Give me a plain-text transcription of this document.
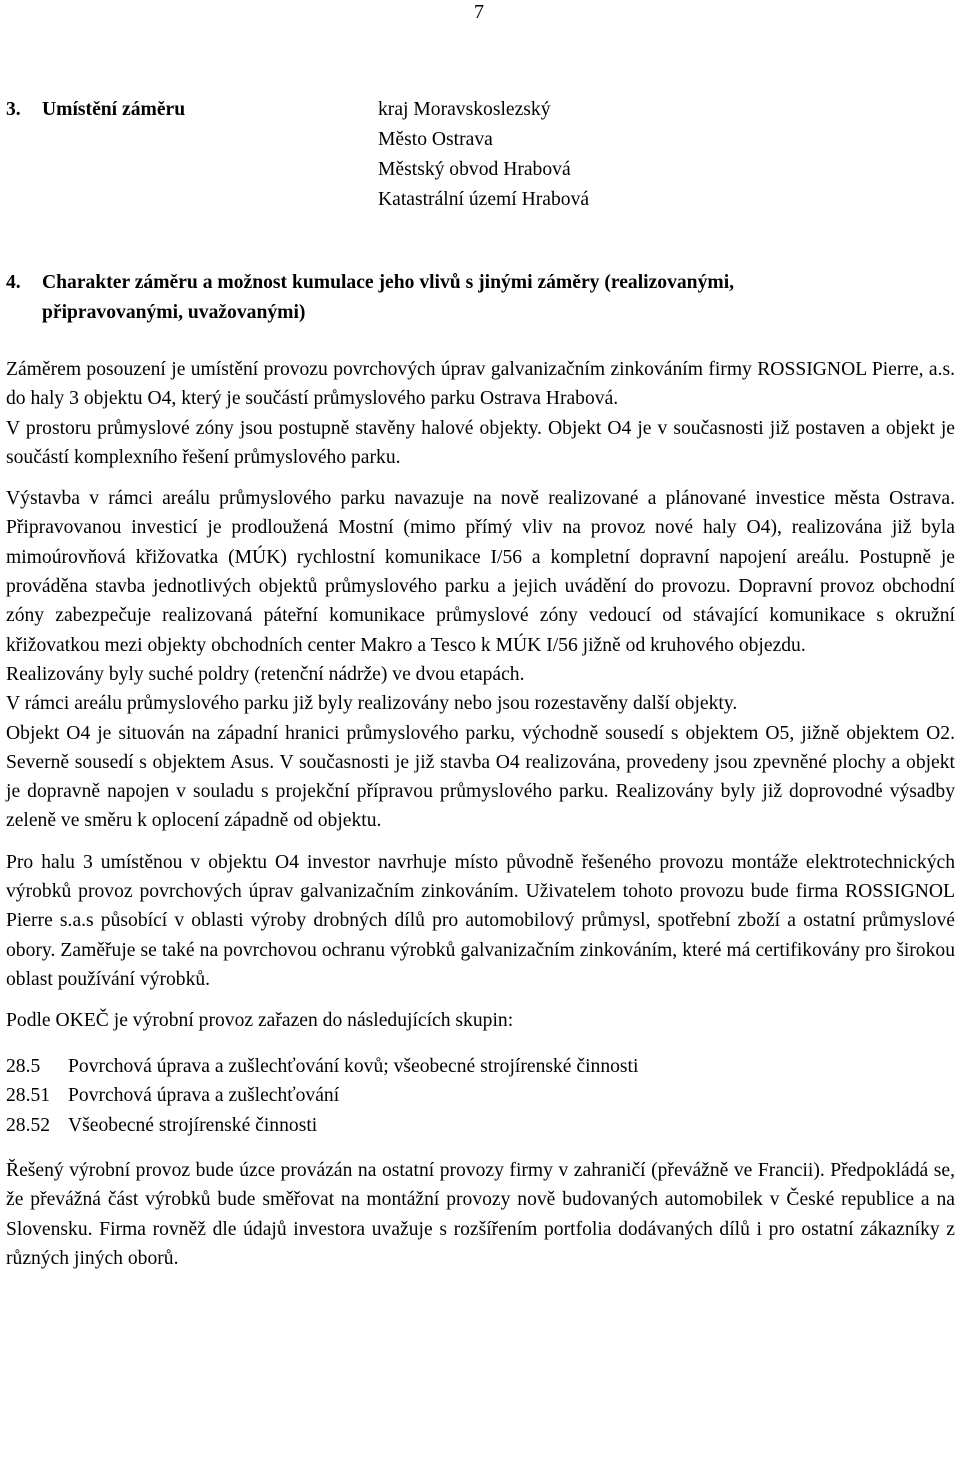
7
3. Umístění záměru	kraj Moravskoslezský
Město Ostrava
Městský obvod Hrabová
Katastrální území Hrabová
4. Charakter záměru a možnost kumulace jeho vlivů s jinými záměry (realizovanými,
připravovanými, uvažovanými)

Záměrem posouzení je umístění provozu povrchových úprav galvanizačním zinkováním firmy ROSSIGNOL Pierre, a.s. do haly 3 objektu O4, který je součástí průmyslového parku Ostrava Hrabová.

V prostoru průmyslové zóny jsou postupně stavěny halové objekty. Objekt O4 je v současnosti již postaven a objekt je součástí komplexního řešení průmyslového parku.

Výstavba v rámci areálu průmyslového parku navazuje na nově realizované a plánované investice města Ostrava. Připravovanou investicí je prodloužená Mostní (mimo přímý vliv na provoz nové haly O4), realizována již byla mimoúrovňová křižovatka (MÚK) rychlostní komunikace I/56 a kompletní dopravní napojení areálu. Postupně je prováděna stavba jednotlivých objektů průmyslového parku a jejich uvádění do provozu. Dopravní provoz obchodní zóny zabezpečuje realizovaná páteřní komunikace průmyslové zóny vedoucí od stávající komunikace s okružní křižovatkou mezi objekty obchodních center Makro a Tesco k MÚK I/56 jižně od kruhového objezdu.

Realizovány byly suché poldry (retenční nádrže) ve dvou etapách.

V rámci areálu průmyslového parku již byly realizovány nebo jsou rozestavěny další objekty.

Objekt O4 je situován na západní hranici průmyslového parku, východně sousedí s objektem O5, jižně objektem O2. Severně sousedí s objektem Asus. V současnosti je již stavba O4 realizována, provedeny jsou zpevněné plochy a objekt je dopravně napojen v souladu s projekční přípravou průmyslového parku. Realizovány byly již doprovodné výsadby zeleně ve směru k oplocení západně od objektu.

Pro halu 3 umístěnou v objektu O4 investor navrhuje místo původně řešeného provozu montáže elektrotechnických výrobků provoz povrchových úprav galvanizačním zinkováním. Uživatelem tohoto provozu bude firma ROSSIGNOL Pierre s.a.s působící v oblasti výroby drobných dílů pro automobilový průmysl, spotřební zboží a ostatní průmyslové obory. Zaměřuje se také na povrchovou ochranu výrobků galvanizačním zinkováním, které má certifikovány pro širokou oblast používání výrobků.

Podle OKEČ je výrobní provoz zařazen do následujících skupin:

28.5 Povrchová úprava a zušlechťování kovů; všeobecné strojírenské činnosti
28.51 Povrchová úprava a zušlechťování
28.52 Všeobecné strojírenské činnosti

Řešený výrobní provoz bude úzce provázán na ostatní provozy firmy v zahraničí (převážně ve Francii). Předpokládá se, že převážná část výrobků bude směřovat na montážní provozy nově budovaných automobilek v České republice a na Slovensku. Firma rovněž dle údajů investora uvažuje s rozšířením portfolia dodávaných dílů i pro ostatní zákazníky z různých jiných oborů.
